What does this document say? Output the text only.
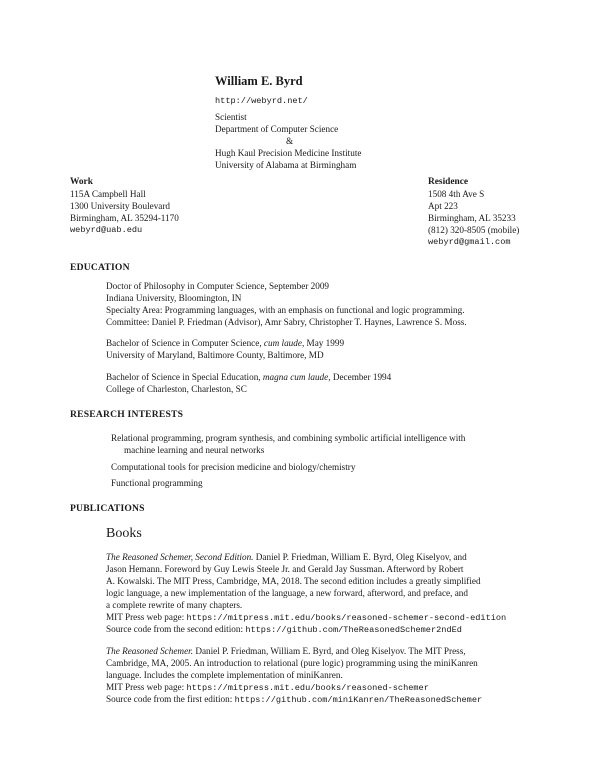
William E. Byrd
http://webyrd.net/
Scientist
Department of Computer Science
&
Hugh Kaul Precision Medicine Institute
University of Alabama at Birmingham
Work
115A Campbell Hall
1300 University Boulevard
Birmingham, AL 35294-1170
webyrd@uab.edu
Residence
1508 4th Ave S
Apt 223
Birmingham, AL 35233
(812) 320-8505 (mobile)
webyrd@gmail.com
EDUCATION
Doctor of Philosophy in Computer Science, September 2009
Indiana University, Bloomington, IN
Specialty Area: Programming languages, with an emphasis on functional and logic programming.
Committee: Daniel P. Friedman (Advisor), Amr Sabry, Christopher T. Haynes, Lawrence S. Moss.
Bachelor of Science in Computer Science, cum laude, May 1999
University of Maryland, Baltimore County, Baltimore, MD
Bachelor of Science in Special Education, magna cum laude, December 1994
College of Charleston, Charleston, SC
RESEARCH INTERESTS
Relational programming, program synthesis, and combining symbolic artificial intelligence with
machine learning and neural networks
Computational tools for precision medicine and biology/chemistry
Functional programming
PUBLICATIONS
Books
The Reasoned Schemer, Second Edition. Daniel P. Friedman, William E. Byrd, Oleg Kiselyov, and
Jason Hemann. Foreword by Guy Lewis Steele Jr. and Gerald Jay Sussman. Afterword by Robert
A. Kowalski. The MIT Press, Cambridge, MA, 2018. The second edition includes a greatly simplified
logic language, a new implementation of the language, a new forward, afterword, and preface, and
a complete rewrite of many chapters.
MIT Press web page: https://mitpress.mit.edu/books/reasoned-schemer-second-edition
Source code from the second edition: https://github.com/TheReasonedSchemer2ndEd
The Reasoned Schemer. Daniel P. Friedman, William E. Byrd, and Oleg Kiselyov. The MIT Press,
Cambridge, MA, 2005. An introduction to relational (pure logic) programming using the miniKanren
language. Includes the complete implementation of miniKanren.
MIT Press web page: https://mitpress.mit.edu/books/reasoned-schemer
Source code from the first edition: https://github.com/miniKanren/TheReasonedSchemer
